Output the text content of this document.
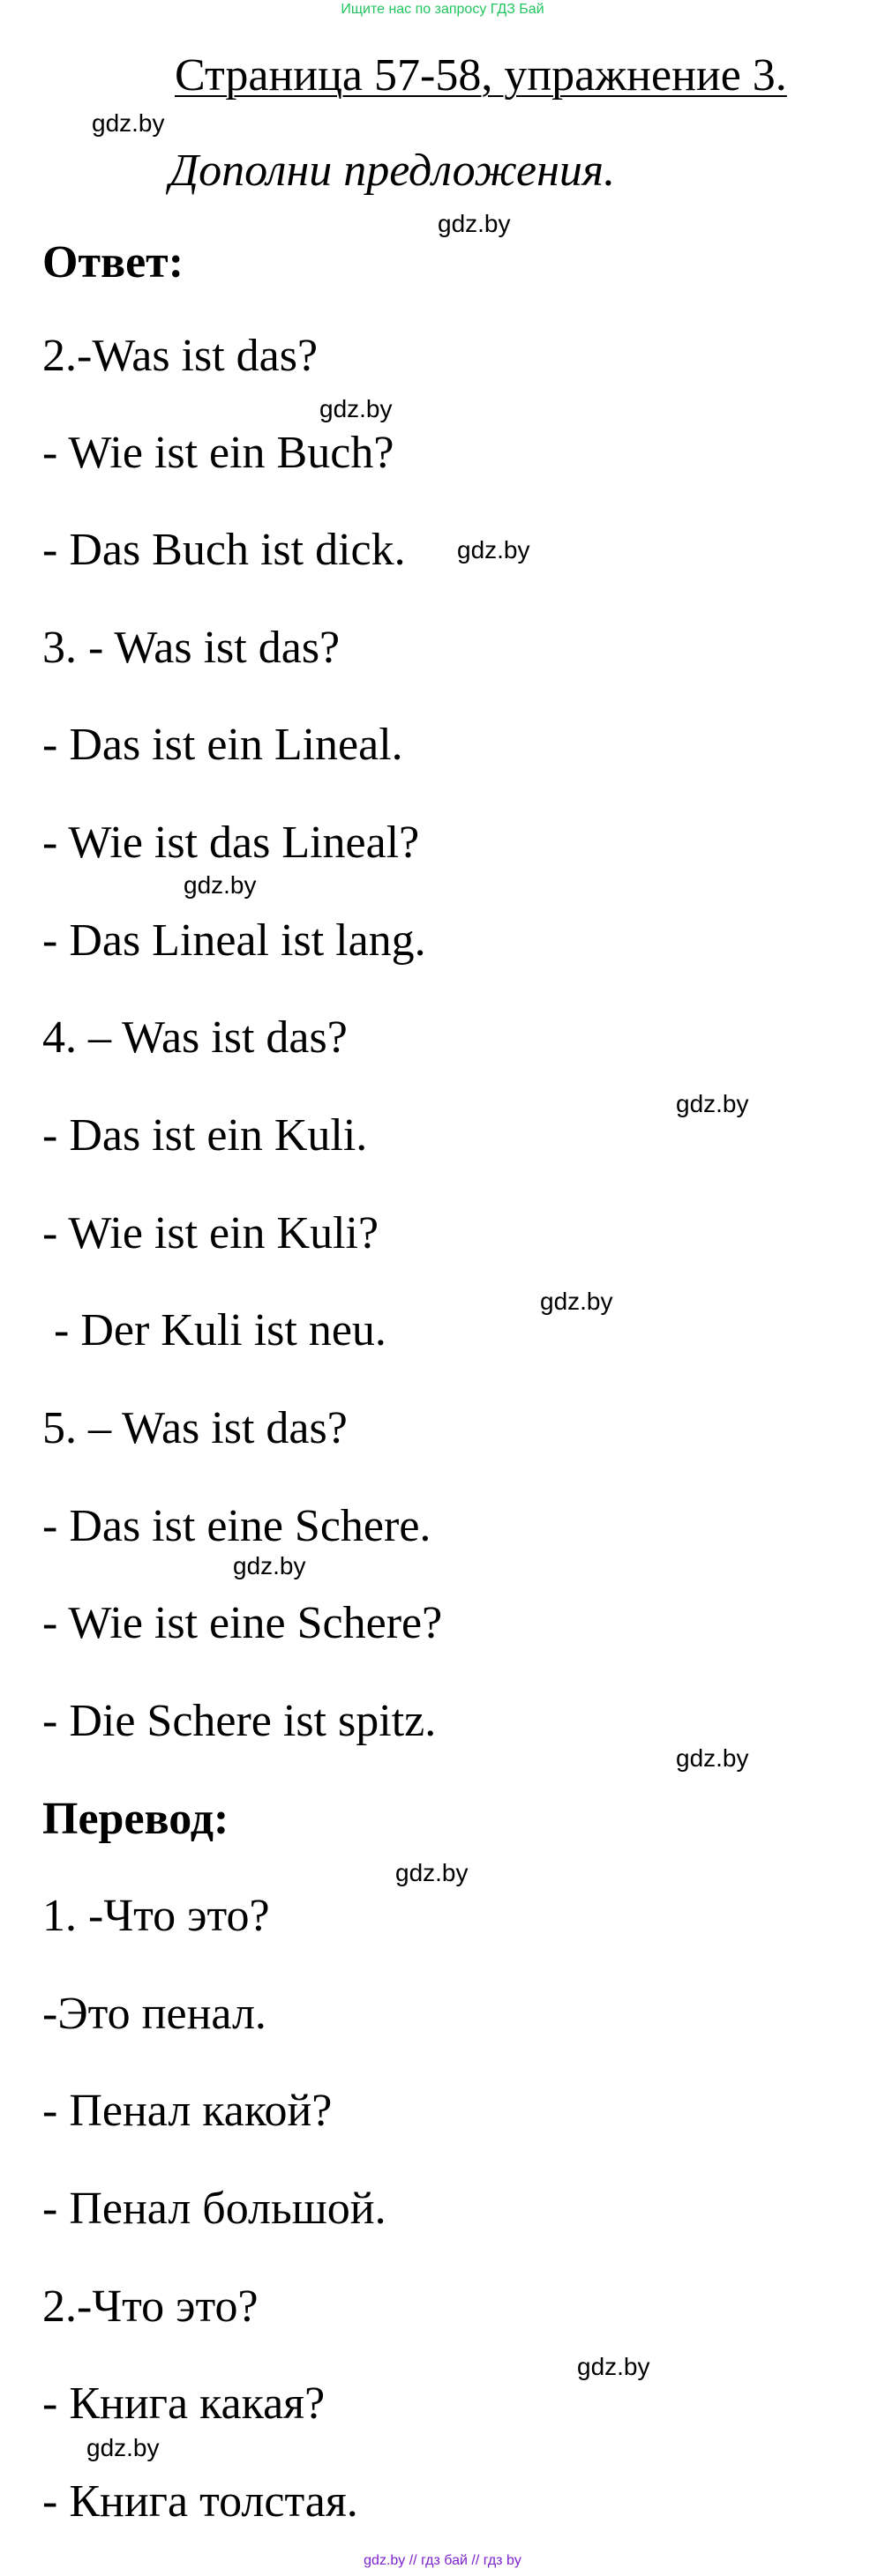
Ищите нас по запросу ГДЗ Бай
Страница 57-58, упражнение 3.
Дополни предложения.
Ответ:
2.-Was ist das?
- Wie ist ein Buch?
- Das Buch ist dick.
3. - Was ist das?
- Das ist ein Lineal.
- Wie ist das Lineal?
- Das Lineal ist lang.
4. – Was ist das?
- Das ist ein Kuli.
- Wie ist ein Kuli?
- Der Kuli ist neu.
5. – Was ist das?
- Das ist eine Schere.
- Wie ist eine Schere?
- Die Schere ist spitz.
Перевод:
1. -Что это?
-Это пенал.
- Пенал какой?
- Пенал большой.
2.-Что это?
- Книга какая?
- Книга толстая.
gdz.by
gdz.by
gdz.by
gdz.by
gdz.by
gdz.by
gdz.by
gdz.by
gdz.by
gdz.by
gdz.by
gdz.by
gdz.by // гдз бай // гдз by
